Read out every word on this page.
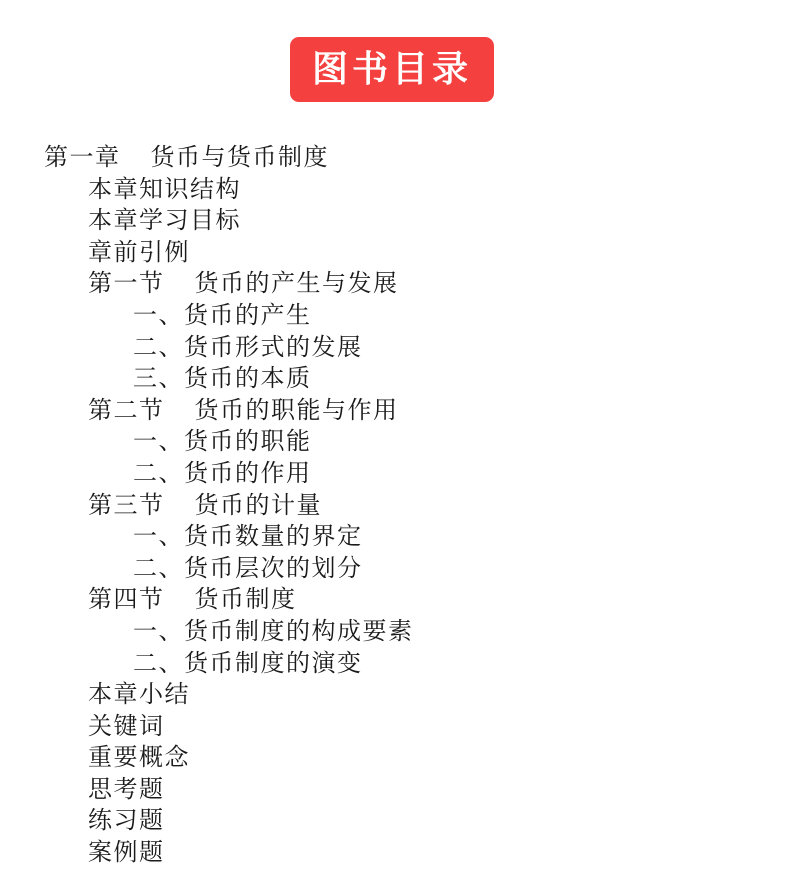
图书目录
第一章 货币与货币制度
本章知识结构
本章学习目标
章前引例
第一节 货币的产生与发展
一、货币的产生
二、货币形式的发展
三、货币的本质
第二节 货币的职能与作用
一、货币的职能
二、货币的作用
第三节 货币的计量
一、货币数量的界定
二、货币层次的划分
第四节 货币制度
一、货币制度的构成要素
二、货币制度的演变
本章小结
关键词
重要概念
思考题
练习题
案例题
